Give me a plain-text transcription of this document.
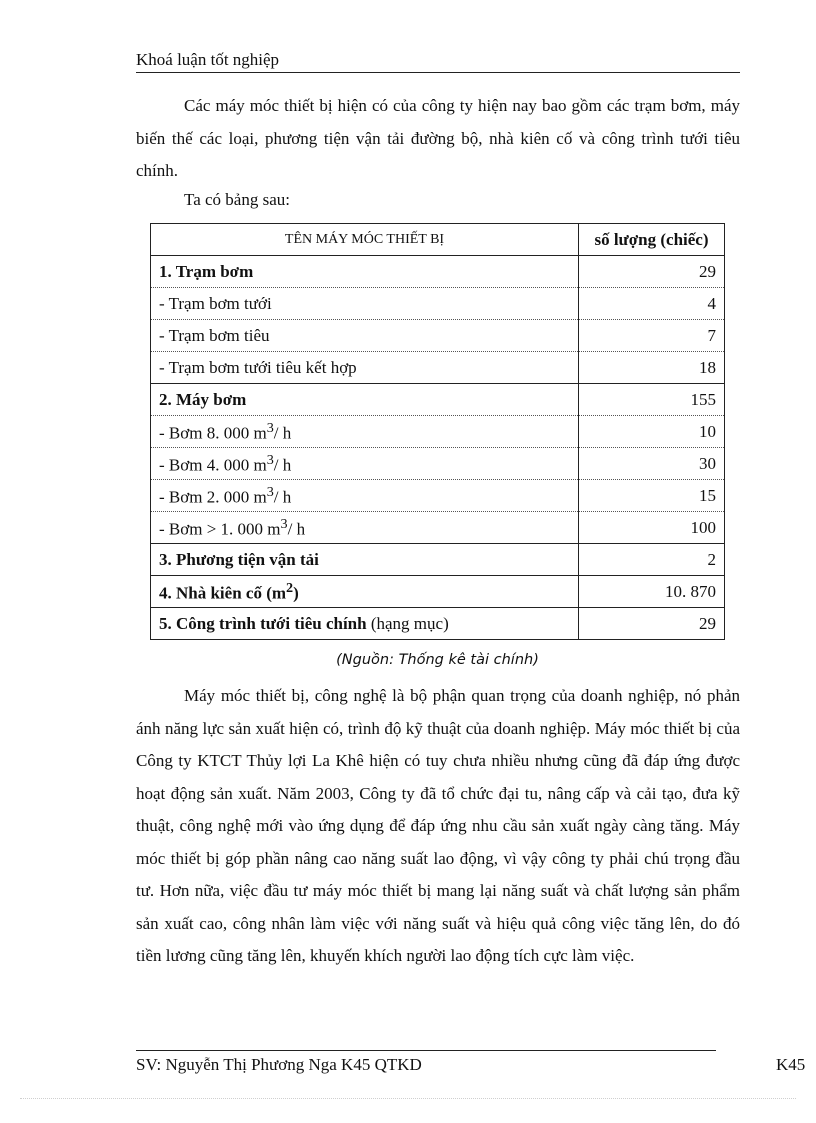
Khoá luận tốt nghiệp

Các máy móc thiết bị hiện có của công ty hiện nay bao gồm các trạm bơm, máy biến thế các loại, phương tiện vận tải đường bộ, nhà kiên cố và công trình tưới tiêu chính.

Ta có bảng sau:
TÊN MÁY MÓC THIẾT BỊ	số lượng (chiếc)
1. Trạm bơm	29
- Trạm bơm tưới	4
- Trạm bơm tiêu	7
- Trạm bơm tưới tiêu kết hợp	18
2. Máy bơm	155
- Bơm 8. 000 $m^3/$ h	10
- Bơm 4. 000 $m^3/$ h	30
- Bơm 2. 000 $m^3/$ h	15
- Bơm > 1. 000 $m^3/$ h	100
3. Phương tiện vận tải	2
4. Nhà kiên cố $(m^2)$	10. 870
5. Công trình tưới tiêu chính (hạng mục)	29
(Nguồn: Thống kê tài chính)

Máy móc thiết bị, công nghệ là bộ phận quan trọng của doanh nghiệp, nó phản ánh năng lực sản xuất hiện có, trình độ kỹ thuật của doanh nghiệp. Máy móc thiết bị của Công ty KTCT Thủy lợi La Khê hiện có tuy chưa nhiều nhưng cũng đã đáp ứng được hoạt động sản xuất. Năm 2003, Công ty đã tổ chức đại tu, nâng cấp và cải tạo, đưa kỹ thuật, công nghệ mới vào ứng dụng để đáp ứng nhu cầu sản xuất ngày càng tăng. Máy móc thiết bị góp phần nâng cao năng suất lao động, vì vậy công ty phải chú trọng đầu tư. Hơn nữa, việc đầu tư máy móc thiết bị mang lại năng suất và chất lượng sản phẩm sản xuất cao, công nhân làm việc với năng suất và hiệu quả công việc tăng lên, do đó tiền lương cũng tăng lên, khuyến khích người lao động tích cực làm việc.

SV: Nguyễn Thị Phương Nga K45 QTKD	K45
